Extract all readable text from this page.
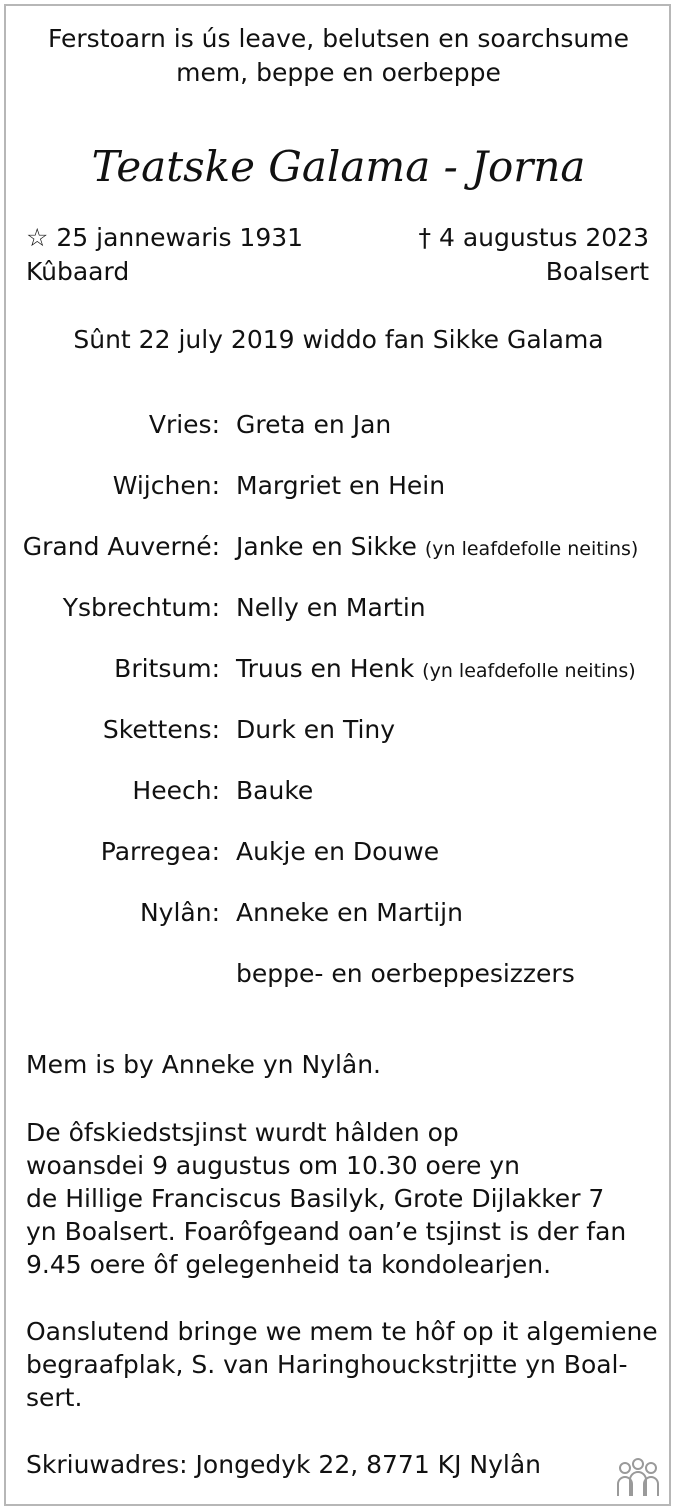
Ferstoarn is ús leave, belutsen en soarchsume
mem, beppe en oerbeppe
Teatske Galama - Jorna
☆ 25 jannewaris 1931	† 4 augustus 2023
Kûbaard	Boalsert
Sûnt 22 july 2019 widdo fan Sikke Galama
Vries: Greta en Jan
Wijchen: Margriet en Hein
Grand Auverné: Janke en Sikke (yn leafdefolle neitins)
Ysbrechtum: Nelly en Martin
Britsum: Truus en Henk (yn leafdefolle neitins)
Skettens: Durk en Tiny
Heech: Bauke
Parregea: Aukje en Douwe
Nylân: Anneke en Martijn
beppe- en oerbeppesizzers
Mem is by Anneke yn Nylân.
De ôfskiedstsjinst wurdt hâlden op
woansdei 9 augustus om 10.30 oere yn
de Hillige Franciscus Basilyk, Grote Dijlakker 7
yn Boalsert. Foarôfgeand oan’e tsjinst is der fan
9.45 oere ôf gelegenheid ta kondolearjen.
Oanslutend bringe we mem te hôf op it algemiene
begraafplak, S. van Haringhouckstrjitte yn Boal-
sert.
Skriuwadres: Jongedyk 22, 8771 KJ Nylân
